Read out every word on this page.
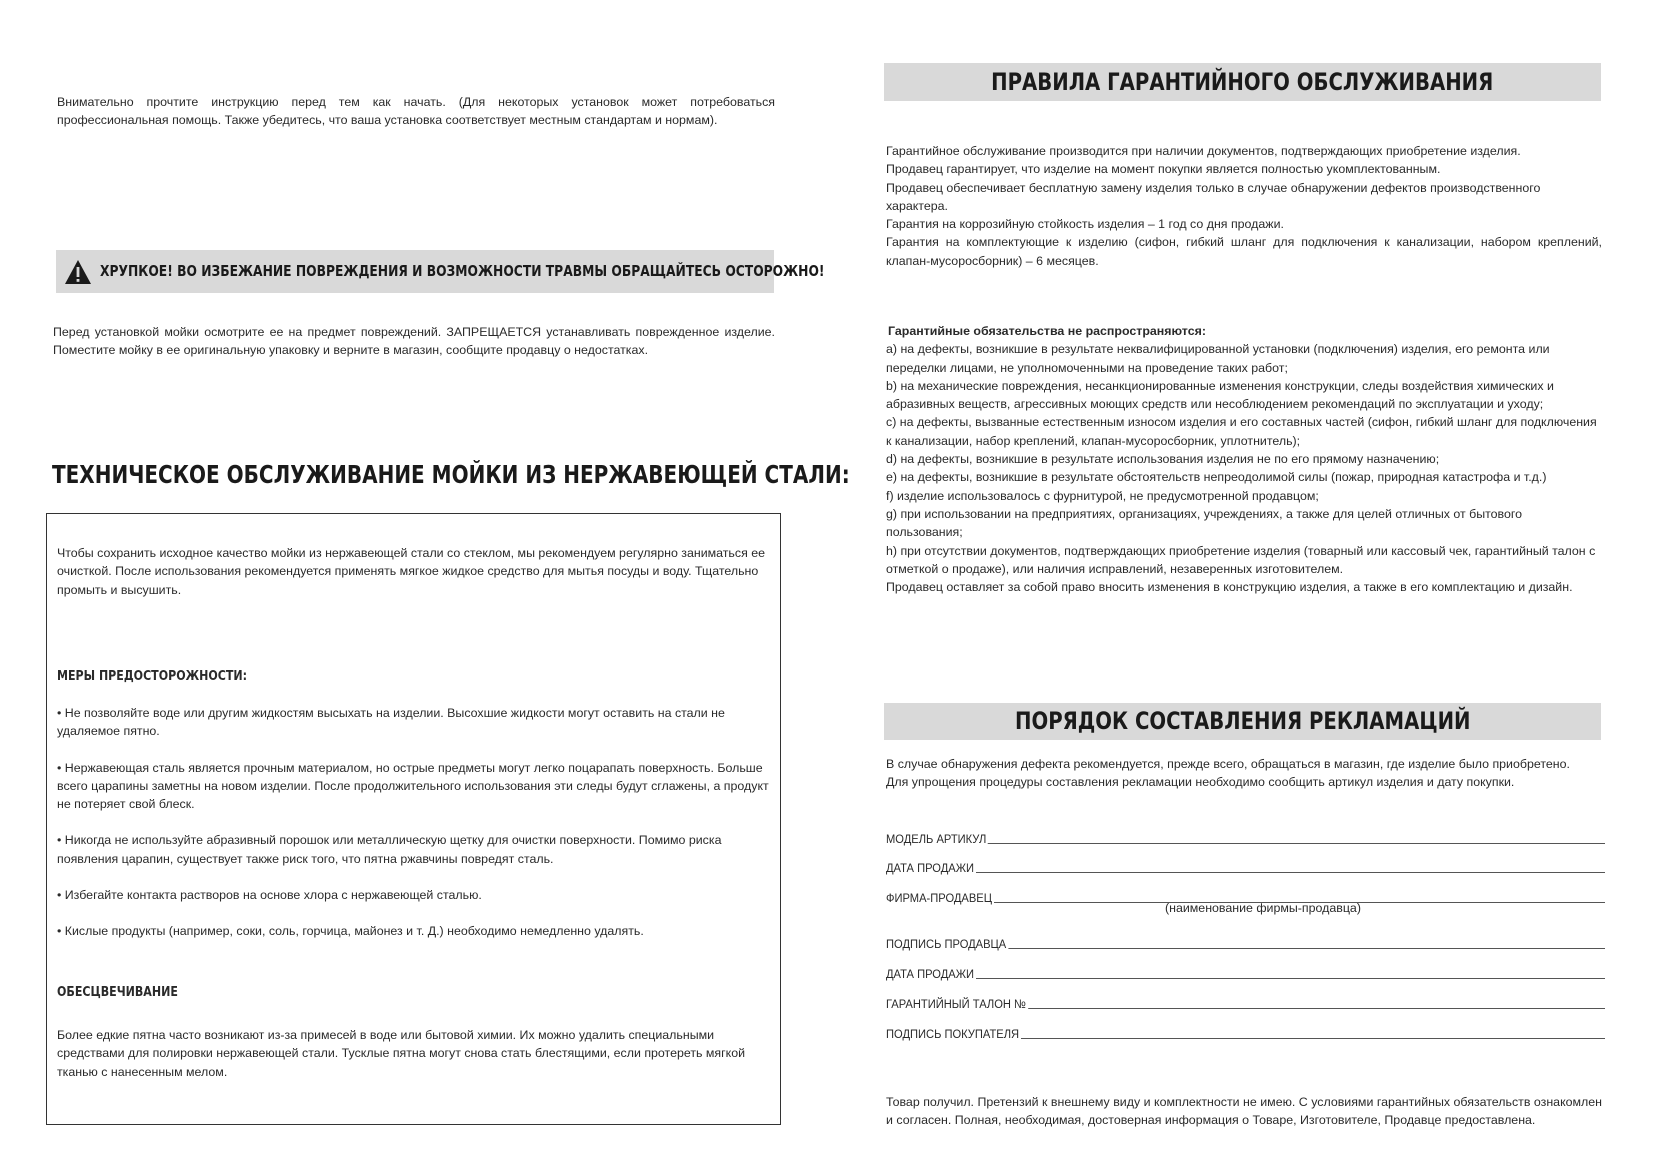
Внимательно прочтите инструкцию перед тем как начать. (Для некоторых установок может потребоваться профессиональная помощь. Также убедитесь, что ваша установка соответствует местным стандартам и нормам).

ХРУПКОЕ! ВО ИЗБЕЖАНИЕ ПОВРЕЖДЕНИЯ И ВОЗМОЖНОСТИ ТРАВМЫ ОБРАЩАЙТЕСЬ ОСТОРОЖНО!

Перед установкой мойки осмотрите ее на предмет повреждений. ЗАПРЕЩАЕТСЯ устанавливать поврежденное изделие. Поместите мойку в ее оригинальную упаковку и верните в магазин, сообщите продавцу о недостатках.

ТЕХНИЧЕСКОЕ ОБСЛУЖИВАНИЕ МОЙКИ ИЗ НЕРЖАВЕЮЩЕЙ СТАЛИ:

Чтобы сохранить исходное качество мойки из нержавеющей стали со стеклом, мы рекомендуем регулярно заниматься ее очисткой. После использования рекомендуется применять мягкое жидкое средство для мытья посуды и воду. Тщательно промыть и высушить.

МЕРЫ ПРЕДОСТОРОЖНОСТИ:

• Не позволяйте воде или другим жидкостям высыхать на изделии. Высохшие жидкости могут оставить на стали не удаляемое пятно.

• Нержавеющая сталь является прочным материалом, но острые предметы могут легко поцарапать поверхность. Больше всего царапины заметны на новом изделии. После продолжительного использования эти следы будут сглажены, а продукт не потеряет свой блеск.

• Никогда не используйте абразивный порошок или металлическую щетку для очистки поверхности. Помимо риска появления царапин, существует также риск того, что пятна ржавчины повредят сталь.

• Избегайте контакта растворов на основе хлора с нержавеющей сталью.

• Кислые продукты (например, соки, соль, горчица, майонез и т. Д.) необходимо немедленно удалять.

ОБЕСЦВЕЧИВАНИЕ

Более едкие пятна часто возникают из-за примесей в воде или бытовой химии. Их можно удалить специальными средствами для полировки нержавеющей стали. Тусклые пятна могут снова стать блестящими, если протереть мягкой тканью с нанесенным мелом.

ПРАВИЛА ГАРАНТИЙНОГО ОБСЛУЖИВАНИЯ

Гарантийное обслуживание производится при наличии документов, подтверждающих приобретение изделия.

Продавец гарантирует, что изделие на момент покупки является полностью укомплектованным.

Продавец обеспечивает бесплатную замену изделия только в случае обнаружении дефектов производственного характера.

Гарантия на коррозийную стойкость изделия – 1 год со дня продажи.

Гарантия на комплектующие к изделию (сифон, гибкий шланг для подключения к канализации, набором креплений, клапан-мусоросборник) – 6 месяцев.

Гарантийные обязательства не распространяются:

a) на дефекты, возникшие в результате неквалифицированной установки (подключения) изделия, его ремонта или переделки лицами, не уполномоченными на проведение таких работ;

b) на механические повреждения, несанкционированные изменения конструкции, следы воздействия химических и абразивных веществ, агрессивных моющих средств или несоблюдением рекомендаций по эксплуатации и уходу;

c) на дефекты, вызванные естественным износом изделия и его составных частей (сифон, гибкий шланг для подключения к канализации, набор креплений, клапан-мусоросборник, уплотнитель);

d) на дефекты, возникшие в результате использования изделия не по его прямому назначению;

e) на дефекты, возникшие в результате обстоятельств непреодолимой силы (пожар, природная катастрофа и т.д.)

f) изделие использовалось с фурнитурой, не предусмотренной продавцом;

g) при использовании на предприятиях, организациях, учреждениях, а также для целей отличных от бытового пользования;

h) при отсутствии документов, подтверждающих приобретение изделия (товарный или кассовый чек, гарантийный талон с отметкой о продаже), или наличия исправлений, незаверенных изготовителем.

Продавец оставляет за собой право вносить изменения в конструкцию изделия, а также в его комплектацию и дизайн.

ПОРЯДОК СОСТАВЛЕНИЯ РЕКЛАМАЦИЙ

В случае обнаружения дефекта рекомендуется, прежде всего, обращаться в магазин, где изделие было приобретено.

Для упрощения процедуры составления рекламации необходимо сообщить артикул изделия и дату покупки.

МОДЕЛЬ АРТИКУЛ
ДАТА ПРОДАЖИ
ФИРМА-ПРОДАВЕЦ
(наименование фирмы-продавца)
ПОДПИСЬ ПРОДАВЦА
ДАТА ПРОДАЖИ
ГАРАНТИЙНЫЙ ТАЛОН №
ПОДПИСЬ ПОКУПАТЕЛЯ

Товар получил. Претензий к внешнему виду и комплектности не имею. С условиями гарантийных обязательств ознакомлен и согласен. Полная, необходимая, достоверная информация о Товаре, Изготовителе, Продавце предоставлена.
